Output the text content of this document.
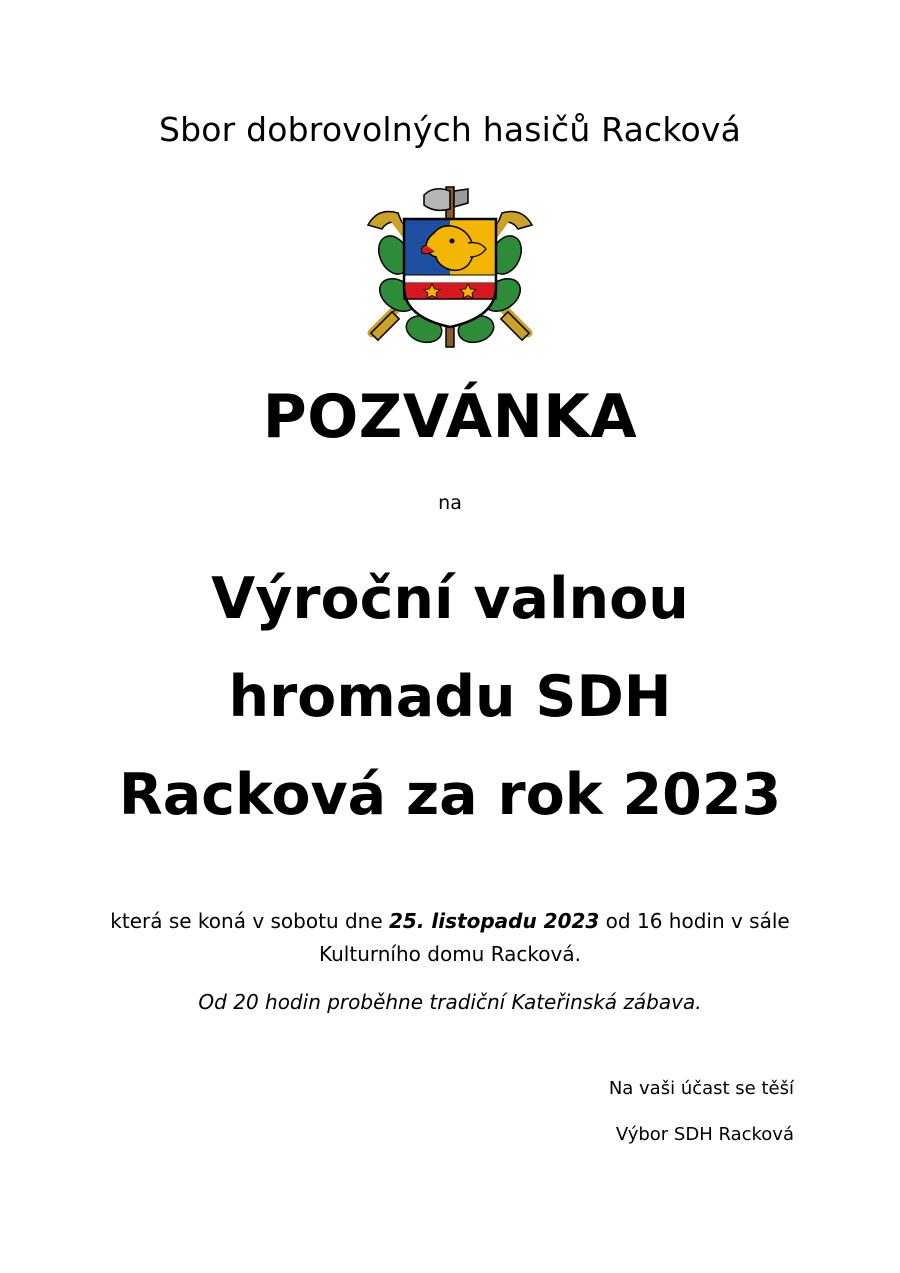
Sbor dobrovolných hasičů Racková
POZVÁNKA
na
Výroční valnou
hromadu SDH
Racková za rok 2023
která se koná v sobotu dne 25. listopadu 2023 od 16 hodin v sále
Kulturního domu Racková.
Od 20 hodin proběhne tradiční Kateřinská zábava.
Na vaši účast se těší
Výbor SDH Racková
